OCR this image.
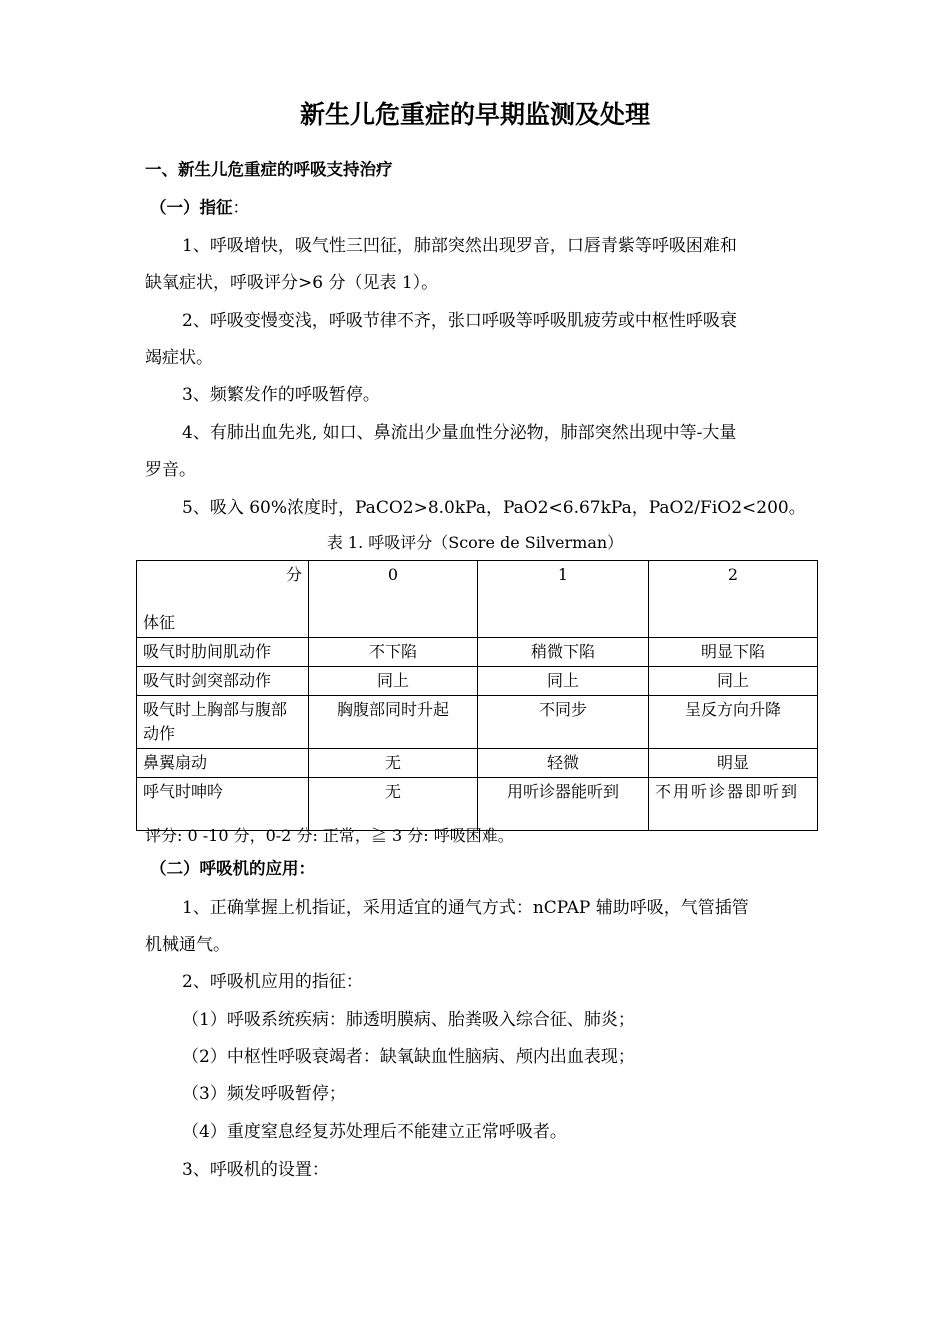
新生儿危重症的早期监测及处理
一、新生儿危重症的呼吸支持治疗
（一）指征：
1、呼吸增快，吸气性三凹征，肺部突然出现罗音，口唇青紫等呼吸困难和
缺氧症状，呼吸评分>6 分（见表 1）。
2、呼吸变慢变浅，呼吸节律不齐，张口呼吸等呼吸肌疲劳或中枢性呼吸衰
竭症状。
3、频繁发作的呼吸暂停。
4、有肺出血先兆, 如口、鼻流出少量血性分泌物，肺部突然出现中等-大量
罗音。
5、吸入 60%浓度时，PaCO2>8.0kPa，PaO2<6.67kPa，PaO2/FiO2<200。
表 1. 呼吸评分（Score de Silverman）
分
体征	0	1	2
吸气时肋间肌动作	不下陷	稍微下陷	明显下陷
吸气时剑突部动作	同上	同上	同上
吸气时上胸部与腹部动作	胸腹部同时升起	不同步	呈反方向升降
鼻翼扇动	无	轻微	明显
呼气时呻吟	无	用听诊器能听到	不用听诊器即听到
评分: 0 -10 分，0-2 分: 正常，≧ 3 分: 呼吸困难。
（二）呼吸机的应用：
1、正确掌握上机指证，采用适宜的通气方式：nCPAP 辅助呼吸，气管插管
机械通气。
2、呼吸机应用的指征：
（1）呼吸系统疾病：肺透明膜病、胎粪吸入综合征、肺炎；
（2）中枢性呼吸衰竭者：缺氧缺血性脑病、颅内出血表现；
（3）频发呼吸暂停；
（4）重度窒息经复苏处理后不能建立正常呼吸者。
3、呼吸机的设置：
